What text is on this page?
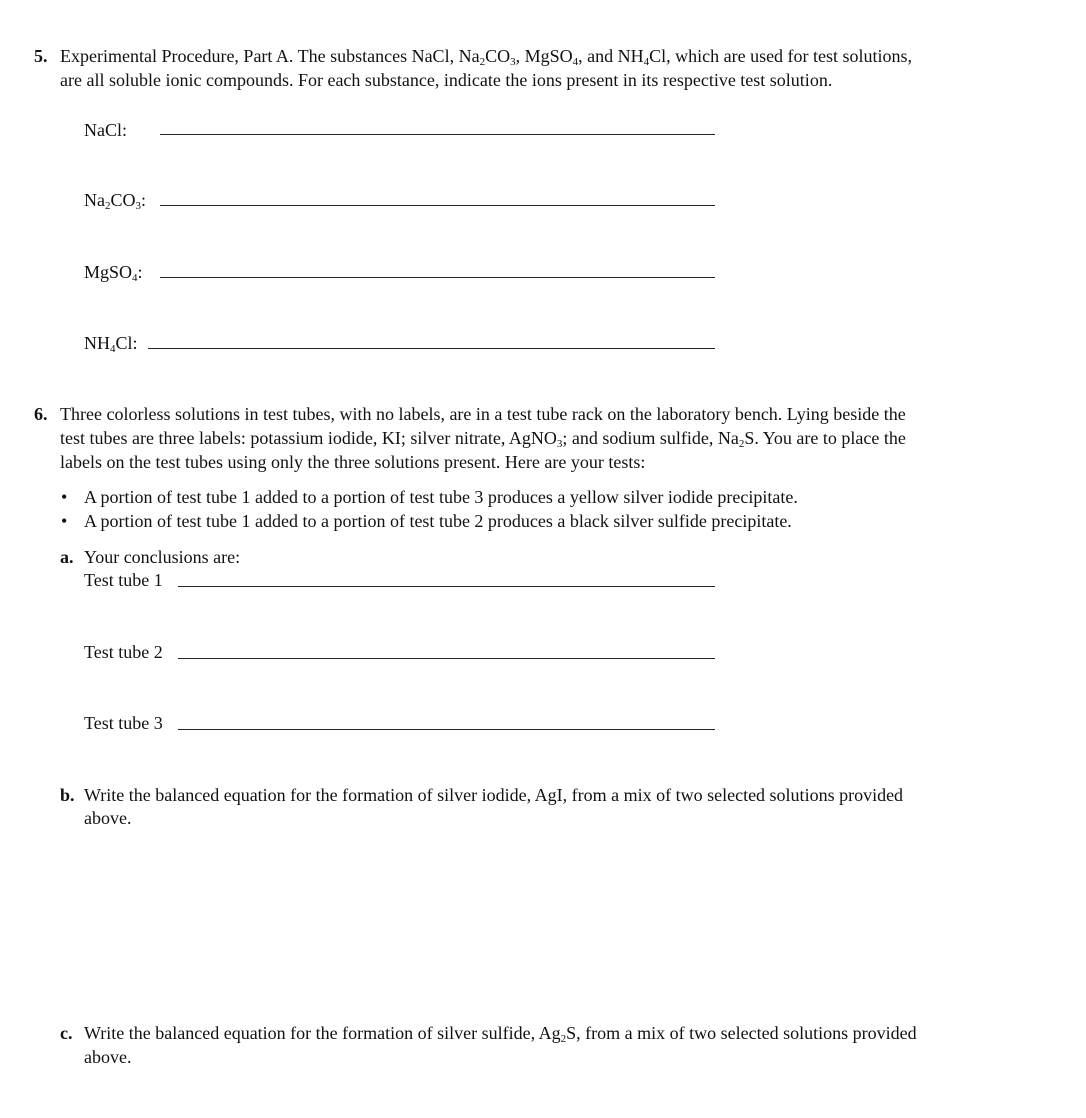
5. Experimental Procedure, Part A. The substances NaCl, $Na_2CO_3$, MgSO$_4$, and $NH_4Cl$, which are used for test solutions,
are all soluble ionic compounds. For each substance, indicate the ions present in its respective test solution.
NaCl:
$Na_2CO_3$:
MgSO$_4$:
$NH_4Cl$:
6. Three colorless solutions in test tubes, with no labels, are in a test tube rack on the laboratory bench. Lying beside the
test tubes are three labels: potassium iodide, KI; silver nitrate, AgNO$_3$; and sodium sulfide, $Na_2S$. You are to place the
labels on the test tubes using only the three solutions present. Here are your tests:
• A portion of test tube 1 added to a portion of test tube 3 produces a yellow silver iodide precipitate.
• A portion of test tube 1 added to a portion of test tube 2 produces a black silver sulfide precipitate.
a. Your conclusions are:
Test tube 1
Test tube 2
Test tube 3
b. Write the balanced equation for the formation of silver iodide, AgI, from a mix of two selected solutions provided
above.
c. Write the balanced equation for the formation of silver sulfide, $Ag_2S$, from a mix of two selected solutions provided
above.
